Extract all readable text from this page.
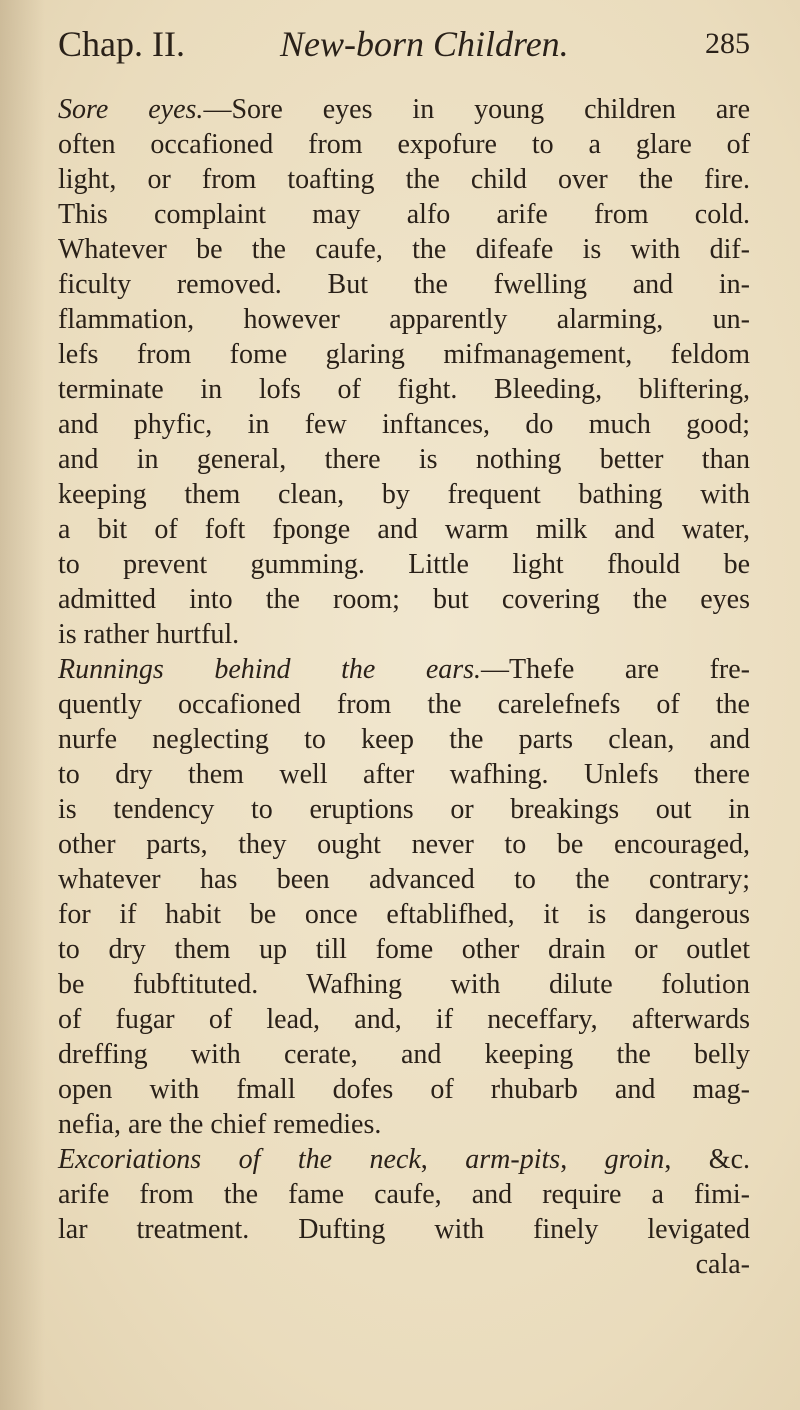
Chap. II.	New-born Children.	285
Sore eyes.—Sore eyes in young children are
often occafioned from expofure to a glare of
light, or from toafting the child over the fire.
This complaint may alfo arife from cold.
Whatever be the caufe, the difeafe is with dif-
ficulty removed. But the fwelling and in-
flammation, however apparently alarming, un-
lefs from fome glaring mifmanagement, feldom
terminate in lofs of fight. Bleeding, bliftering,
and phyfic, in few inftances, do much good;
and in general, there is nothing better than
keeping them clean, by frequent bathing with
a bit of foft fponge and warm milk and water,
to prevent gumming. Little light fhould be
admitted into the room; but covering the eyes
is rather hurtful.
Runnings behind the ears.—Thefe are fre-
quently occafioned from the carelefnefs of the
nurfe neglecting to keep the parts clean, and
to dry them well after wafhing. Unlefs there
is tendency to eruptions or breakings out in
other parts, they ought never to be encouraged,
whatever has been advanced to the contrary;
for if habit be once eftablifhed, it is dangerous
to dry them up till fome other drain or outlet
be fubftituted. Wafhing with dilute folution
of fugar of lead, and, if neceffary, afterwards
dreffing with cerate, and keeping the belly
open with fmall dofes of rhubarb and mag-
nefia, are the chief remedies.
Excoriations of the neck, arm-pits, groin, &c.
arife from the fame caufe, and require a fimi-
lar treatment. Dufting with finely levigated
cala-
